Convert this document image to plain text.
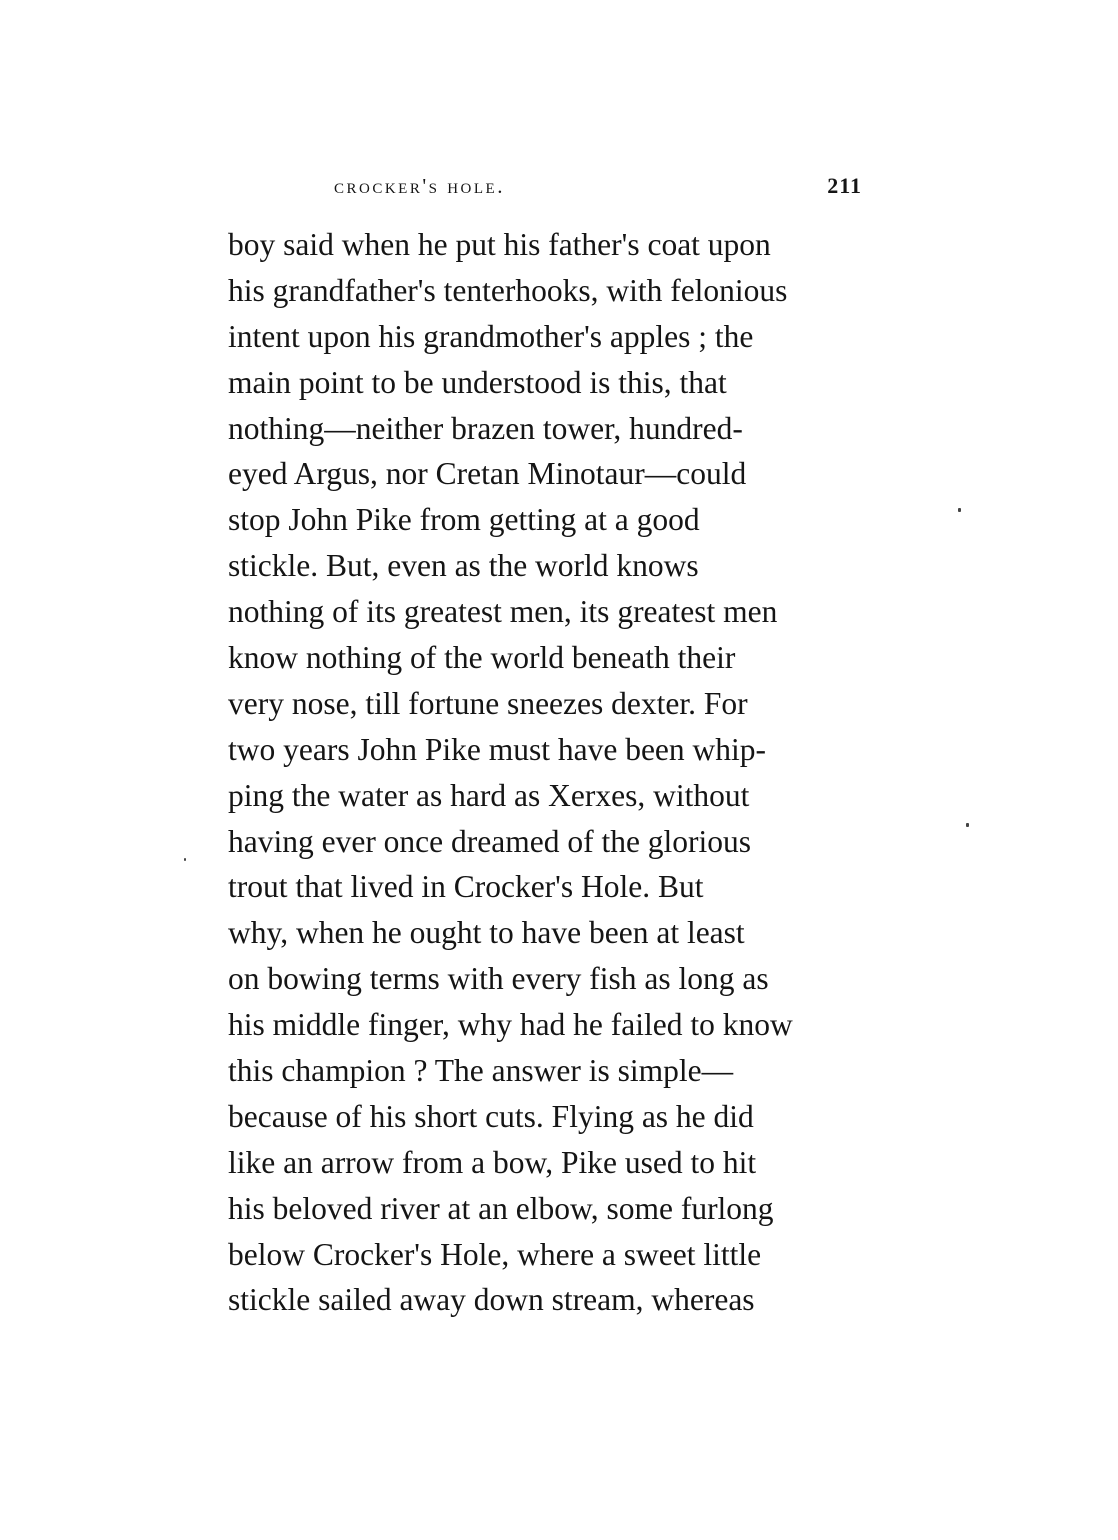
crocker's hole.	211
boy said when he put his father's coat upon
his grandfather's tenterhooks, with felonious
intent upon his grandmother's apples ; the
main point to be understood is this, that
nothing—neither brazen tower, hundred-
eyed Argus, nor Cretan Minotaur—could
stop John Pike from getting at a good
stickle. But, even as the world knows
nothing of its greatest men, its greatest men
know nothing of the world beneath their
very nose, till fortune sneezes dexter. For
two years John Pike must have been whip-
ping the water as hard as Xerxes, without
having ever once dreamed of the glorious
trout that lived in Crocker's Hole. But
why, when he ought to have been at least
on bowing terms with every fish as long as
his middle finger, why had he failed to know
this champion ? The answer is simple—
because of his short cuts. Flying as he did
like an arrow from a bow, Pike used to hit
his beloved river at an elbow, some furlong
below Crocker's Hole, where a sweet little
stickle sailed away down stream, whereas
